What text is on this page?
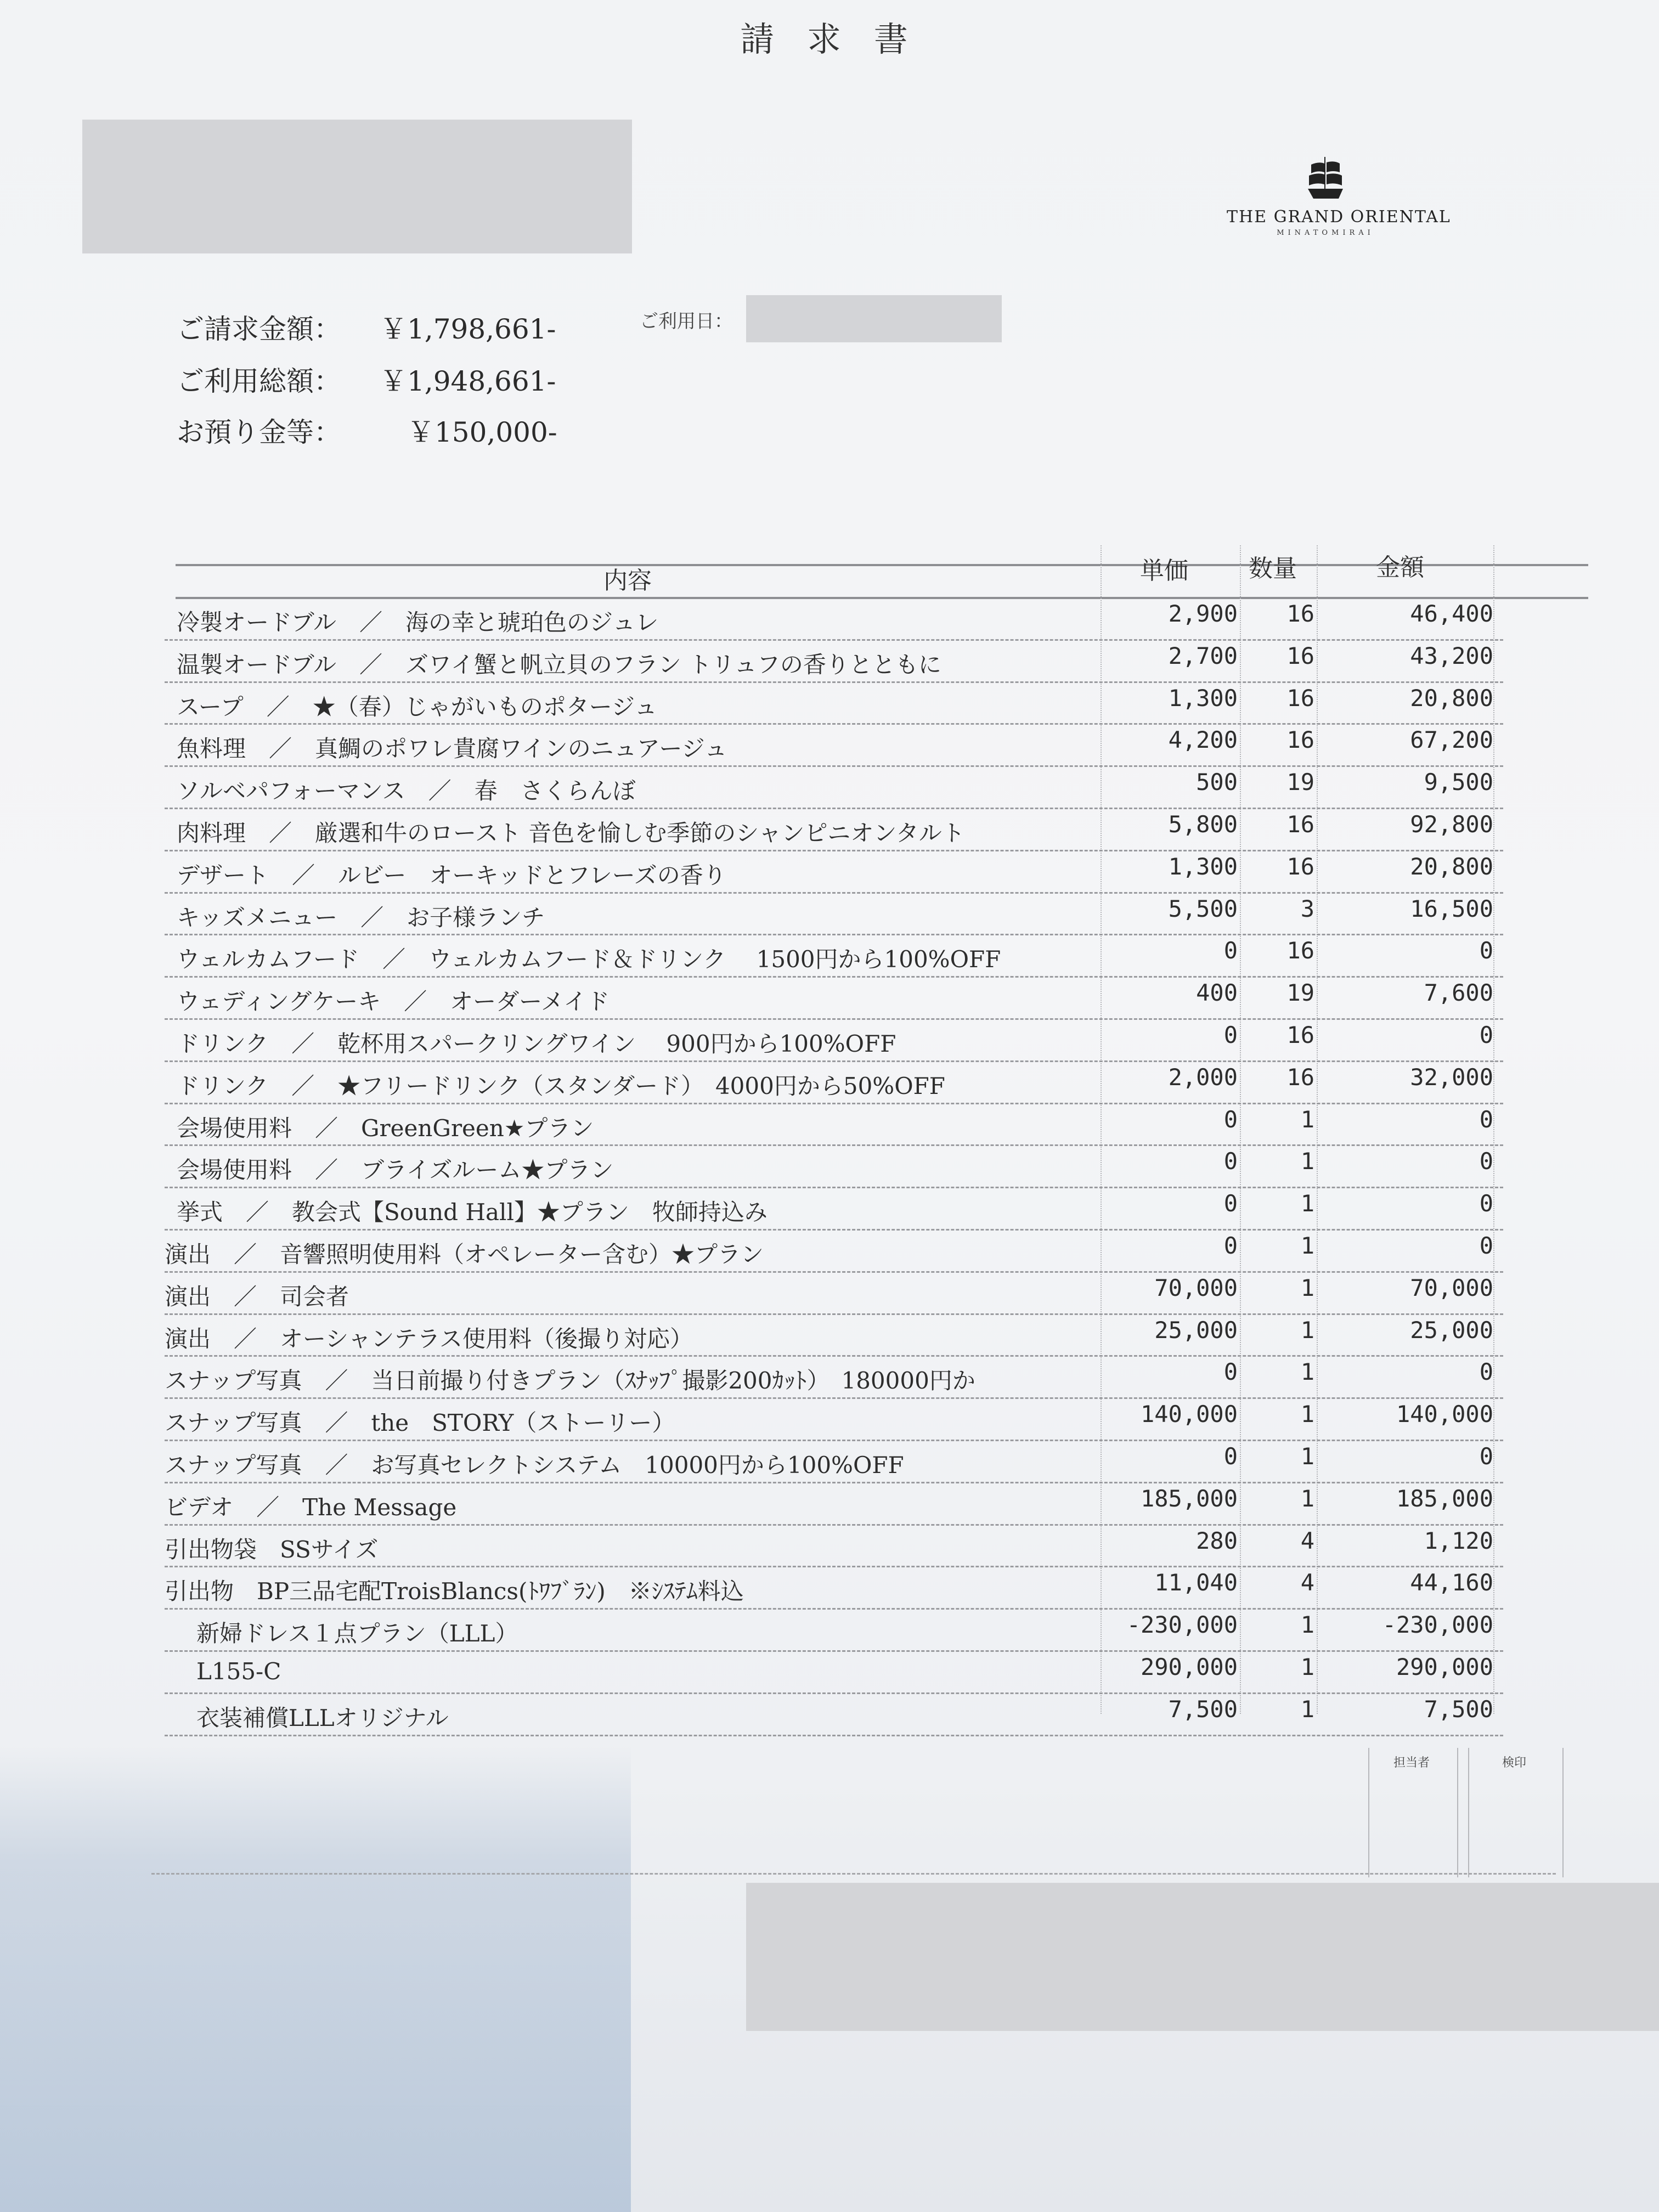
請 求 書
THE GRAND ORIENTAL
MINATOMIRAI
ご請求金額： ￥1,798,661-
ご利用総額： ￥1,948,661-
お預り金等： ￥150,000-
ご利用日：
内容	単価	数量	金額
冷製オードブル　／　海の幸と琥珀色のジュレ	2,900 16	46,400
温製オードブル　／　ズワイ蟹と帆立貝のフラン トリュフの香りとともに	2,700 16	43,200
スープ　／　★（春）じゃがいものポタージュ	1,300 16	20,800
魚料理　／　真鯛のポワレ貴腐ワインのニュアージュ	4,200 16	67,200
ソルベパフォーマンス　／　春　さくらんぼ	500 19	9,500
肉料理　／　厳選和牛のロースト 音色を愉しむ季節のシャンピニオンタルト	5,800 16	92,800
デザート　／　ルビー　オーキッドとフレーズの香り	1,300 16	20,800
キッズメニュー　／　お子様ランチ	5,500	3	16,500
ウェルカムフード　／　ウェルカムフード＆ドリンク　 1500円から100%OFF	0 16	0
ウェディングケーキ　／　オーダーメイド	400 19	7,600
ドリンク　／　乾杯用スパークリングワイン　 900円から100%OFF	0 16	0
ドリンク　／　★フリードリンク（スタンダード）　4000円から50%OFF	2,000 16	32,000
会場使用料　／　GreenGreen★プラン	0	1	0
会場使用料　／　ブライズルーム★プラン	0	1	0
挙式　／　教会式【Sound Hall】★プラン　牧師持込み	0	1	0
演出　／　音響照明使用料（オペレーター含む）★プラン	0	1	0
演出　／　司会者	70,000	1	70,000
演出　／　オーシャンテラス使用料（後撮り対応）	25,000	1	25,000
スナップ写真　／　当日前撮り付きプラン（ｽﾅｯﾌﾟ撮影200ｶｯﾄ）　180000円か	0	1	0
スナップ写真　／　the　STORY（ストーリー）	140,000	1	140,000
スナップ写真　／　お写真セレクトシステム　10000円から100%OFF	0	1	0
ビデオ　／　The Message	185,000	1	185,000
引出物袋　SSサイズ	280	4	1,120
引出物　BP三品宅配TroisBlancs(ﾄﾜﾌﾞﾗﾝ)　※ｼｽﾃﾑ料込	11,040	4	44,160
新婦ドレス１点プラン（LLL）	-230,000	1	-230,000
L155-C	290,000	1	290,000
衣装補償LLLオリジナル	7,500	1	7,500
担当者	検印
